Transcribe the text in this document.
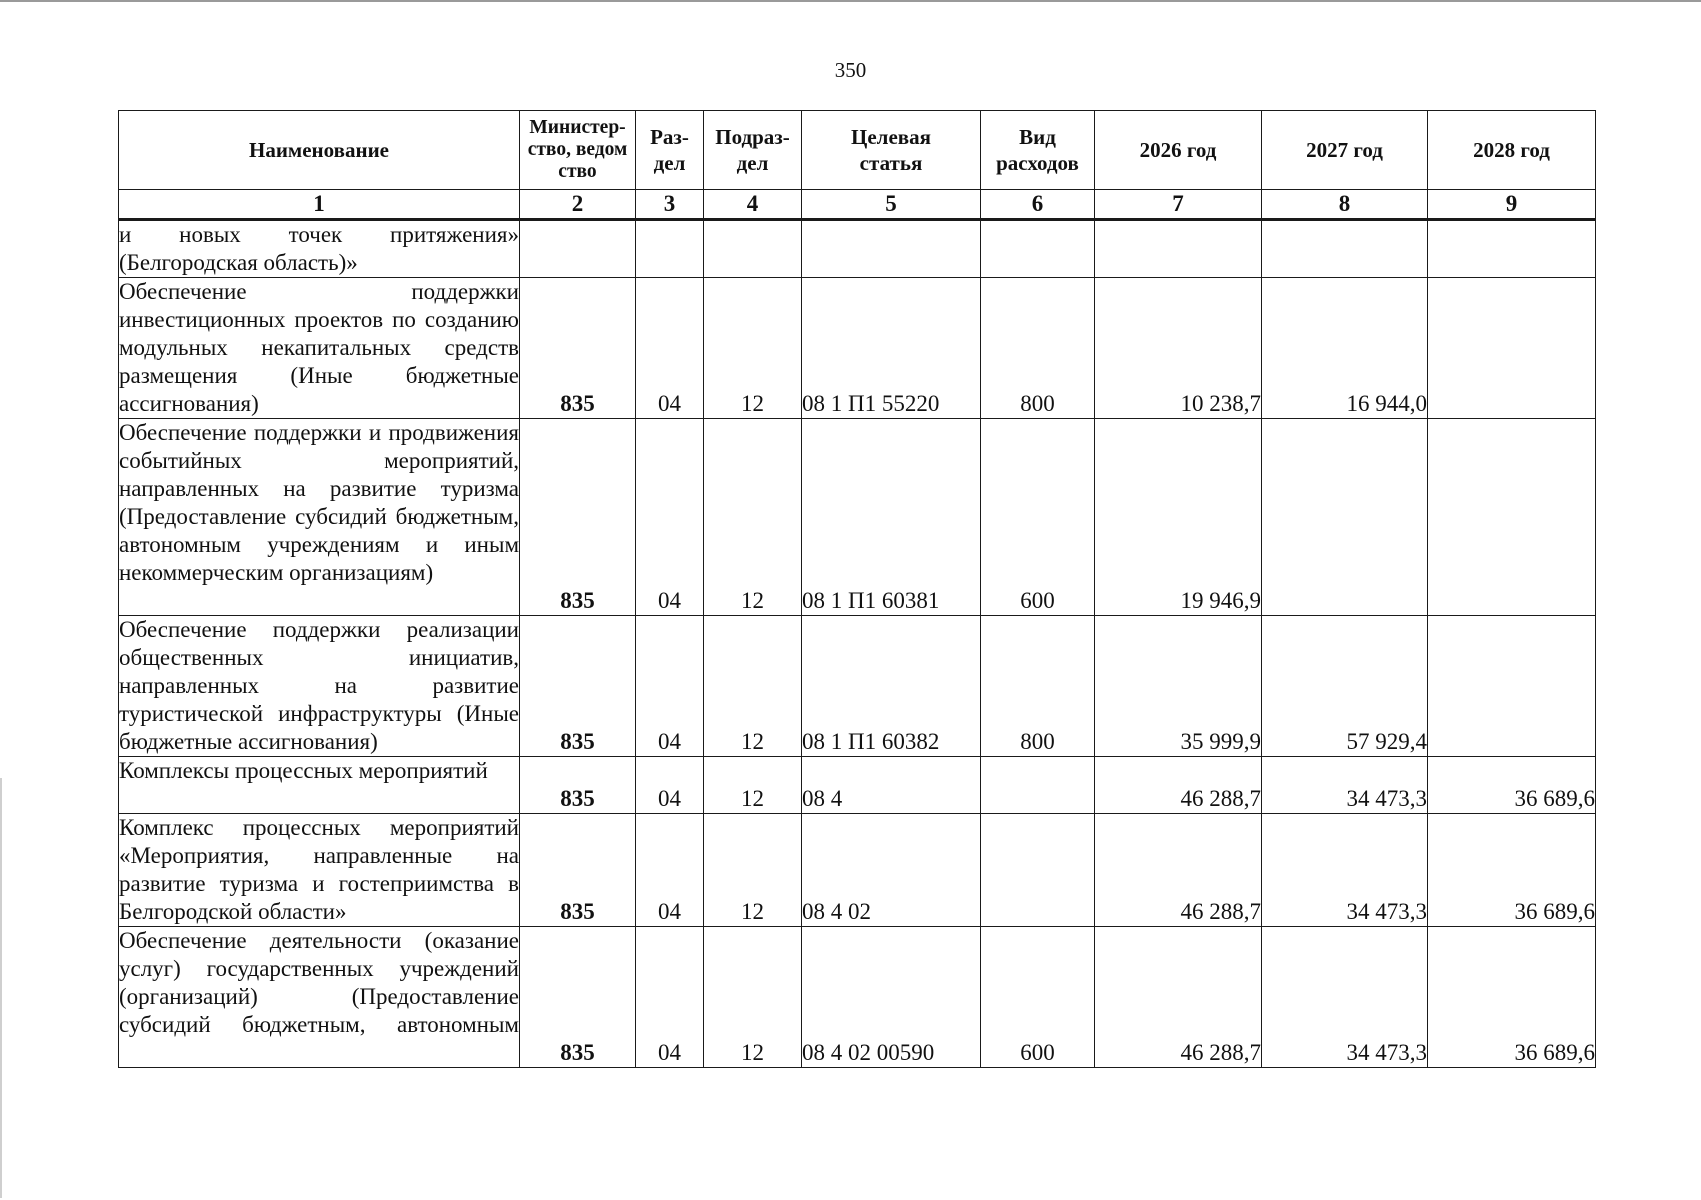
350
Наименование	Министер-ство, ведомство	Раз-дел	Подраз-дел	Целевая статья	Вид расходов	2026 год	2027 год	2028 год
1	2	3	4	5	6	7	8	9
и новых точек притяжения» (Белгородская область)»								
Обеспечение поддержки инвестиционных проектов по созданию модульных некапитальных средств размещения (Иные бюджетные ассигнования)	835	04	12	08 1 П1 55220	800	10 238,7	16 944,0	
Обеспечение поддержки и продвижения событийных мероприятий, направленных на развитие туризма (Предоставление субсидий бюджетным, автономным учреждениям и иным некоммерческим организациям)	835	04	12	08 1 П1 60381	600	19 946,9		
Обеспечение поддержки реализации общественных инициатив, направленных на развитие туристической инфраструктуры (Иные бюджетные ассигнования)	835	04	12	08 1 П1 60382	800	35 999,9	57 929,4	
Комплексы процессных мероприятий	835	04	12	08 4		46 288,7	34 473,3	36 689,6
Комплекс процессных мероприятий «Мероприятия, направленные на развитие туризма и гостеприимства в Белгородской области»	835	04	12	08 4 02		46 288,7	34 473,3	36 689,6
Обеспечение деятельности (оказание услуг) государственных учреждений (организаций) (Предоставление субсидий бюджетным, автономным	835	04	12	08 4 02 00590	600	46 288,7	34 473,3	36 689,6
